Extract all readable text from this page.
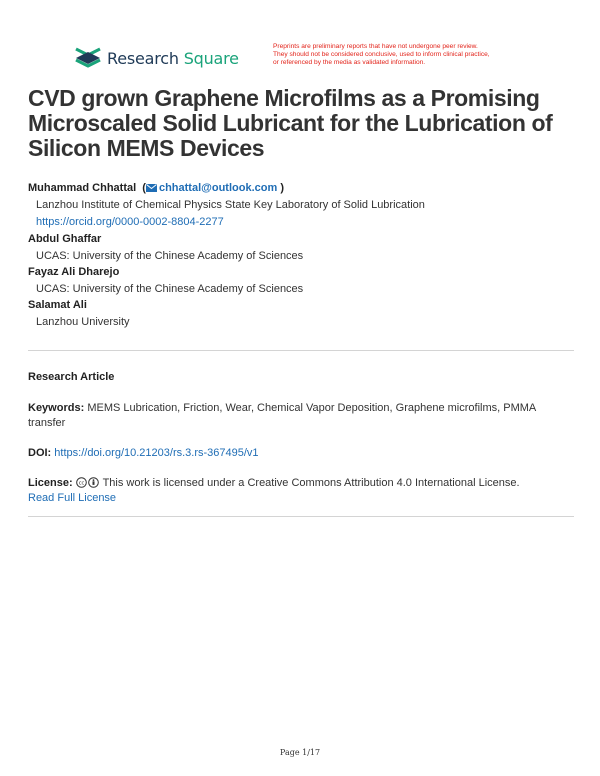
Research Square
Preprints are preliminary reports that have not undergone peer review.
They should not be considered conclusive, used to inform clinical practice,
or referenced by the media as validated information.
CVD grown Graphene Microfilms as a Promising Microscaled Solid Lubricant for the Lubrication of Silicon MEMS Devices
Muhammad Chhattal  ( chhattal@outlook.com )
Lanzhou Institute of Chemical Physics State Key Laboratory of Solid Lubrication
https://orcid.org/0000-0002-8804-2277
Abdul Ghaffar
UCAS: University of the Chinese Academy of Sciences
Fayaz Ali Dharejo
UCAS: University of the Chinese Academy of Sciences
Salamat Ali
Lanzhou University
Research Article
Keywords: MEMS Lubrication, Friction, Wear, Chemical Vapor Deposition, Graphene microfilms, PMMA transfer
DOI: https://doi.org/10.21203/rs.3.rs-367495/v1
License: cc This work is licensed under a Creative Commons Attribution 4.0 International License.
Read Full License
Page 1/17
